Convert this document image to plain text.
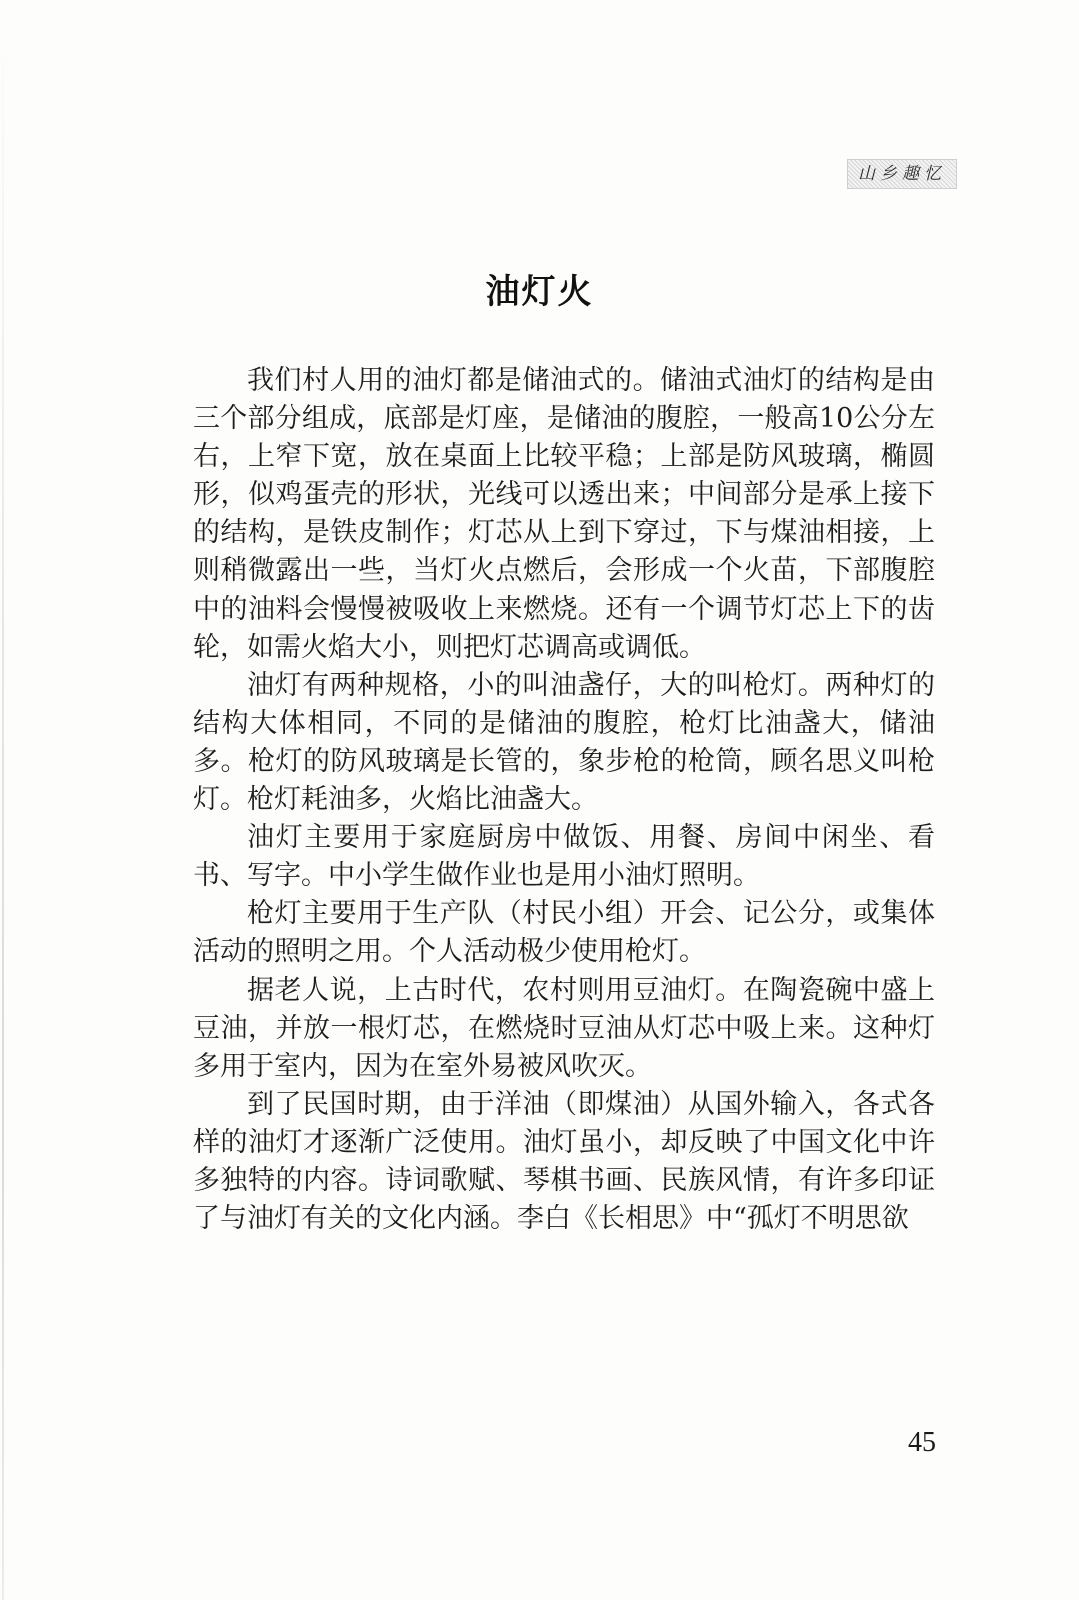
山乡趣忆
油灯火

我们村人用的油灯都是储油式的。储油式油灯的结构是由三个部分组成，底部是灯座，是储油的腹腔，一般高10公分左右，上窄下宽，放在桌面上比较平稳；上部是防风玻璃，椭圆形，似鸡蛋壳的形状，光线可以透出来；中间部分是承上接下的结构，是铁皮制作；灯芯从上到下穿过，下与煤油相接，上则稍微露出一些，当灯火点燃后，会形成一个火苗，下部腹腔中的油料会慢慢被吸收上来燃烧。还有一个调节灯芯上下的齿轮，如需火焰大小，则把灯芯调高或调低。

油灯有两种规格，小的叫油盏仔，大的叫枪灯。两种灯的结构大体相同，不同的是储油的腹腔，枪灯比油盏大，储油多。枪灯的防风玻璃是长管的，象步枪的枪筒，顾名思义叫枪灯。枪灯耗油多，火焰比油盏大。

油灯主要用于家庭厨房中做饭、用餐、房间中闲坐、看书、写字。中小学生做作业也是用小油灯照明。

枪灯主要用于生产队（村民小组）开会、记公分，或集体活动的照明之用。个人活动极少使用枪灯。

据老人说，上古时代，农村则用豆油灯。在陶瓷碗中盛上豆油，并放一根灯芯，在燃烧时豆油从灯芯中吸上来。这种灯多用于室内，因为在室外易被风吹灭。

到了民国时期，由于洋油（即煤油）从国外输入，各式各样的油灯才逐渐广泛使用。油灯虽小，却反映了中国文化中许多独特的内容。诗词歌赋、琴棋书画、民族风情，有许多印证了与油灯有关的文化内涵。李白《长相思》中“孤灯不明思欲

45
